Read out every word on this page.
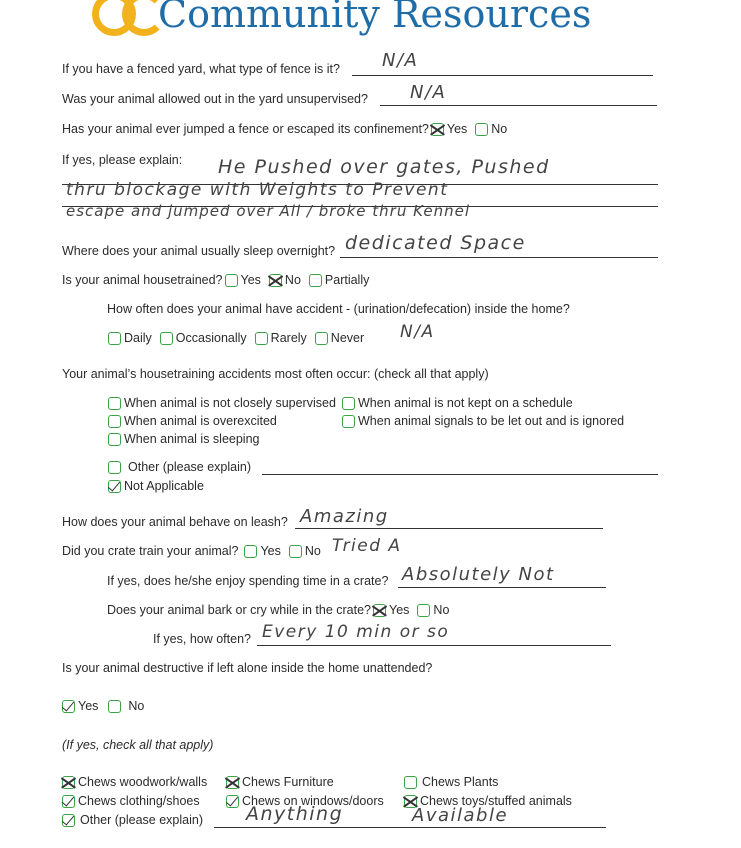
Community Resources
If you have a fenced yard, what type of fence is it? N/A
Was your animal allowed out in the yard unsupervised? N/A
Has your animal ever jumped a fence or escaped its confinement? Yes No
If yes, please explain: He Pushed over gates, Pushed
thru blockage with Weights to Prevent
escape and jumped over All / broke thru Kennel
Where does your animal usually sleep overnight? dedicated Space
Is your animal housetrained? Yes No Partially
How often does your animal have accident - (urination/defecation) inside the home?
Daily Occasionally Rarely Never N/A
Your animal’s housetraining accidents most often occur: (check all that apply)
When animal is not closely supervised When animal is not kept on a schedule
When animal is overexcited	When animal signals to be let out and is ignored
When animal is sleeping
Other (please explain)
Not Applicable
How does your animal behave on leash? Amazing
Did you crate train your animal? Yes No Tried A
If yes, does he/she enjoy spending time in a crate? Absolutely Not
Does your animal bark or cry while in the crate? Yes No
If yes, how often? Every 10 min or so
Is your animal destructive if left alone inside the home unattended?
Yes No
(If yes, check all that apply)
Chews woodwork/walls	Chews Furniture	Chews Plants
Chews clothing/shoes	Chews on windows/doors	Chews toys/stuffed animals
Other (please explain) Anything	Available
